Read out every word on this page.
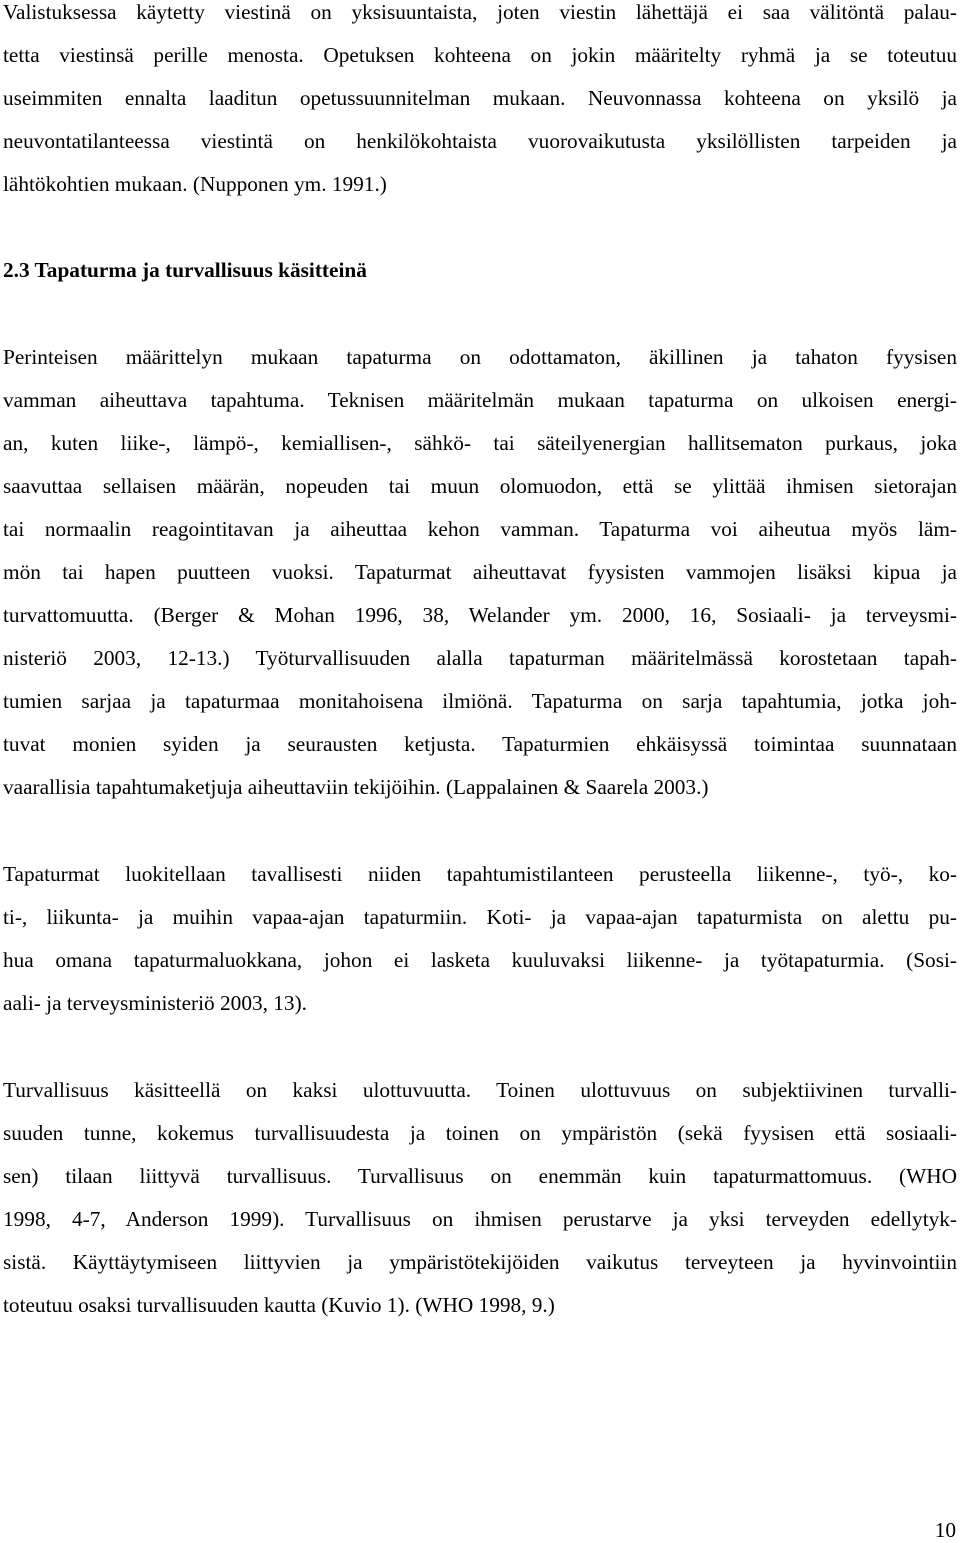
Valistuksessa käytetty viestinä on yksisuuntaista, joten viestin lähettäjä ei saa välitöntä palau-
tetta viestinsä perille menosta. Opetuksen kohteena on jokin määritelty ryhmä ja se toteutuu
useimmiten ennalta laaditun opetussuunnitelman mukaan. Neuvonnassa kohteena on yksilö ja
neuvontatilanteessa viestintä on henkilökohtaista vuorovaikutusta yksilöllisten tarpeiden ja
lähtökohtien mukaan. (Nupponen ym. 1991.)
2.3 Tapaturma ja turvallisuus käsitteinä
Perinteisen määrittelyn mukaan tapaturma on odottamaton, äkillinen ja tahaton fyysisen
vamman aiheuttava tapahtuma. Teknisen määritelmän mukaan tapaturma on ulkoisen energi-
an, kuten liike-, lämpö-, kemiallisen-, sähkö- tai säteilyenergian hallitsematon purkaus, joka
saavuttaa sellaisen määrän, nopeuden tai muun olomuodon, että se ylittää ihmisen sietorajan
tai normaalin reagointitavan ja aiheuttaa kehon vamman. Tapaturma voi aiheutua myös läm-
mön tai hapen puutteen vuoksi. Tapaturmat aiheuttavat fyysisten vammojen lisäksi kipua ja
turvattomuutta. (Berger & Mohan 1996, 38, Welander ym. 2000, 16, Sosiaali- ja terveysmi-
nisteriö 2003, 12-13.) Työturvallisuuden alalla tapaturman määritelmässä korostetaan tapah-
tumien sarjaa ja tapaturmaa monitahoisena ilmiönä. Tapaturma on sarja tapahtumia, jotka joh-
tuvat monien syiden ja seurausten ketjusta. Tapaturmien ehkäisyssä toimintaa suunnataan
vaarallisia tapahtumaketjuja aiheuttaviin tekijöihin. (Lappalainen & Saarela 2003.)
Tapaturmat luokitellaan tavallisesti niiden tapahtumistilanteen perusteella liikenne-, työ-, ko-
ti-, liikunta- ja muihin vapaa-ajan tapaturmiin. Koti- ja vapaa-ajan tapaturmista on alettu pu-
hua omana tapaturmaluokkana, johon ei lasketa kuuluvaksi liikenne- ja työtapaturmia. (Sosi-
aali- ja terveysministeriö 2003, 13).
Turvallisuus käsitteellä on kaksi ulottuvuutta. Toinen ulottuvuus on subjektiivinen turvalli-
suuden tunne, kokemus turvallisuudesta ja toinen on ympäristön (sekä fyysisen että sosiaali-
sen) tilaan liittyvä turvallisuus. Turvallisuus on enemmän kuin tapaturmattomuus. (WHO
1998, 4-7, Anderson 1999). Turvallisuus on ihmisen perustarve ja yksi terveyden edellytyk-
sistä. Käyttäytymiseen liittyvien ja ympäristötekijöiden vaikutus terveyteen ja hyvinvointiin
toteutuu osaksi turvallisuuden kautta (Kuvio 1). (WHO 1998, 9.)
10
